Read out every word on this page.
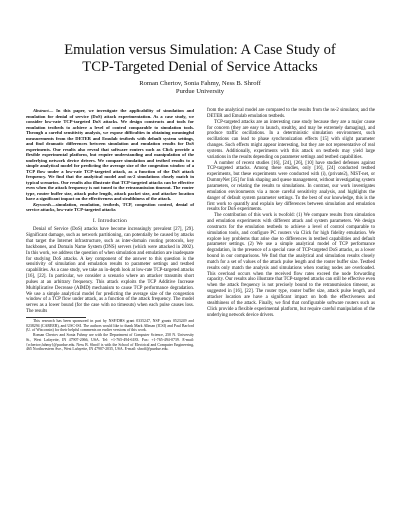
Emulation versus Simulation: A Case Study of
TCP-Targeted Denial of Service Attacks
Roman Chertov, Sonia Fahmy, Ness B. Shroff
Purdue University

Abstract— In this paper, we investigate the applicability of simulation and emulation for denial of service (DoS) attack experimentation. As a case study, we consider low-rate TCP-targeted DoS attacks. We design constructs and tools for emulation testbeds to achieve a level of control comparable to simulation tools. Through a careful sensitivity analysis, we expose difficulties in obtaining meaningful measurements from the DETER and Emulab testbeds with default system settings, and find dramatic differences between simulation and emulation results for DoS experiments. Our results also reveal that software routers such as Click provide a flexible experimental platform, but require understanding and manipulation of the underlying network device drivers. We compare simulation and testbed results to a simple analytical model for predicting the average size of the congestion window of a TCP flow under a low-rate TCP-targeted attack, as a function of the DoS attack frequency. We find that the analytical model and ns-2 simulations closely match in typical scenarios. Our results also illustrate that TCP-targeted attacks can be effective even when the attack frequency is not tuned to the retransmission timeout. The router type, router buffer size, attack pulse length, attack packet size, and attacker location have a significant impact on the effectiveness and stealthiness of the attack.

Keywords—simulation, emulation, testbeds, TCP, congestion control, denial of service attacks, low-rate TCP-targeted attacks

I. Introduction

Denial of Service (DoS) attacks have become increasingly prevalent [27], [29]. Significant damage, such as network partitioning, can potentially be caused by attacks that target the Internet infrastructure, such as inter-domain routing protocols, key backbones, and Domain Name System (DNS) servers (which were attacked in 2002). In this work, we address the question of when simulation and emulation are inadequate for studying DoS attacks. A key component of the answer to this question is the sensitivity of simulation and emulation results to parameter settings and testbed capabilities. As a case study, we take an in-depth look at low-rate TCP-targeted attacks [16], [22]. In particular, we consider a scenario where an attacker transmits short pulses at an arbitrary frequency. This attack exploits the TCP Additive Increase Multiplicative Decrease (AIMD) mechanism to cause TCP performance degradation. We use a simple analytical model for predicting the average size of the congestion window of a TCP flow under attack, as a function of the attack frequency. The model serves as a lower bound (for the case with no timeouts) when each pulse causes loss. The results

This research has been sponsored in part by NSF/DHS grant 0335247, NSF grants 0523249 and 0238294 (CAREER), and USC-ISI. The authors would like to thank Mark Allman (ICSI) and Paul Barford (U. of Wisconsin) for their helpful comments on earlier versions of this work.

Roman Chertov and Sonia Fahmy are with the Department of Computer Science, 250 N. University St., West Lafayette, IN 47907-2066, USA. Tel: +1-765-494-6183. Fax: +1-765-494-0739. E-mail: {rchertov,fahmy}@purdue.edu. Ness B. Shroff is with the School of Electrical and Computer Engineering, 465 Northwestern Ave., West Lafayette, IN 47907-2035, USA. E-mail: shroff@purdue.edu.

from the analytical model are compared to the results from the ns-2 simulator, and the DETER and Emulab emulation testbeds.

TCP-targeted attacks are an interesting case study because they are a major cause for concern (they are easy to launch, stealthy, and may be extremely damaging), and produce traffic oscillations. In a deterministic simulation environment, such oscillations can lead to phase synchronization effects [15] with slight parameter changes. Such effects might appear interesting, but they are not representative of real systems. Additionally, experiments with this attack on testbeds may yield large variations in the results depending on parameter settings and testbed capabilities.

A number of recent studies [16], [24], [26], [10] have studied defenses against TCP-targeted attacks. Among these studies, only [16], [24] conducted testbed experiments, but these experiments were conducted with (i), (private2), NIST-net, or DummyNet [35] for link shaping and queue management, without investigating system parameters, or relating the results to simulations. In contrast, our work investigates emulation environments via a more careful sensitivity analysis, and highlights the danger of default system parameter settings. To the best of our knowledge, this is the first work to quantify and explain key differences between simulation and emulation results for DoS experiments.

The contribution of this work is twofold: (1) We compare results from simulation and emulation experiments with different attack and system parameters. We design constructs for the emulation testbeds to achieve a level of control comparable to simulation tools, and configure PC routers via Click for high fidelity emulation. We explore key problems that arise due to differences in testbed capabilities and default parameter settings. (2) We use a simple analytical model of TCP performance degradation, in the presence of a special case of TCP-targeted DoS attacks, as a lower bound in our comparisons. We find that the analytical and simulation results closely match for a set of values of the attack pulse length and the router buffer size. Testbed results only match the analysis and simulations when routing nodes are overloaded. This overload occurs when the received flow rates exceed the node forwarding capacity. Our results also illustrate that TCP-targeted attacks can still be effective even when the attack frequency is not precisely bound to the retransmission timeout, as suggested in [16], [22]. The router type, router buffer size, attack pulse length, and attacker location are have a significant impact on both the effectiveness and stealthiness of the attack. Finally, we find that configurable software routers such as Click provide a flexible experimental platform, but require careful manipulation of the underlying network device drivers.
